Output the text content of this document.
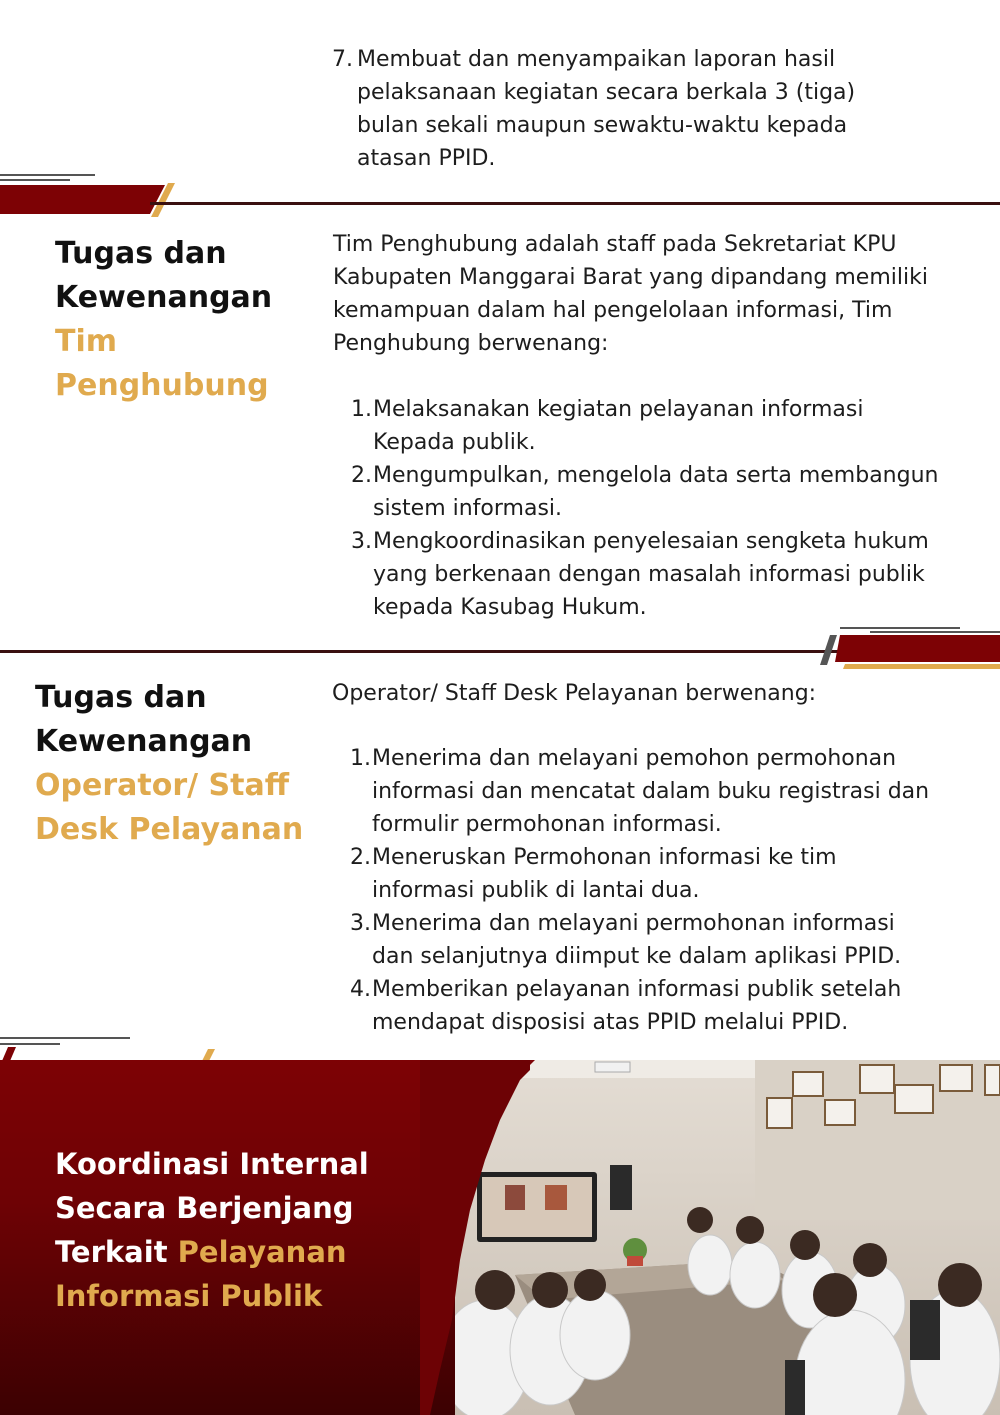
7. Membuat dan menyampaikan laporan hasil
pelaksanaan kegiatan secara berkala 3 (tiga)
bulan sekali maupun sewaktu-waktu kepada
atasan PPID.
Tugas dan
Kewenangan
Tim
Penghubung
Tim Penghubung adalah staff pada Sekretariat KPU
Kabupaten Manggarai Barat yang dipandang memiliki
kemampuan dalam hal pengelolaan informasi, Tim
Penghubung berwenang:
1. Melaksanakan kegiatan pelayanan informasi
Kepada publik.
2. Mengumpulkan, mengelola data serta membangun
sistem informasi.
3. Mengkoordinasikan penyelesaian sengketa hukum
yang berkenaan dengan masalah informasi publik
kepada Kasubag Hukum.
Tugas dan
Kewenangan
Operator/ Staff
Desk Pelayanan
Operator/ Staff Desk Pelayanan berwenang:
1. Menerima dan melayani pemohon permohonan
informasi dan mencatat dalam buku registrasi dan
formulir permohonan informasi.
2. Meneruskan Permohonan informasi ke tim
informasi publik di lantai dua.
3. Menerima dan melayani permohonan informasi
dan selanjutnya diimput ke dalam aplikasi PPID.
4. Memberikan pelayanan informasi publik setelah
mendapat disposisi atas PPID melalui PPID.
Koordinasi Internal
Secara Berjenjang
Terkait Pelayanan
Informasi Publik
